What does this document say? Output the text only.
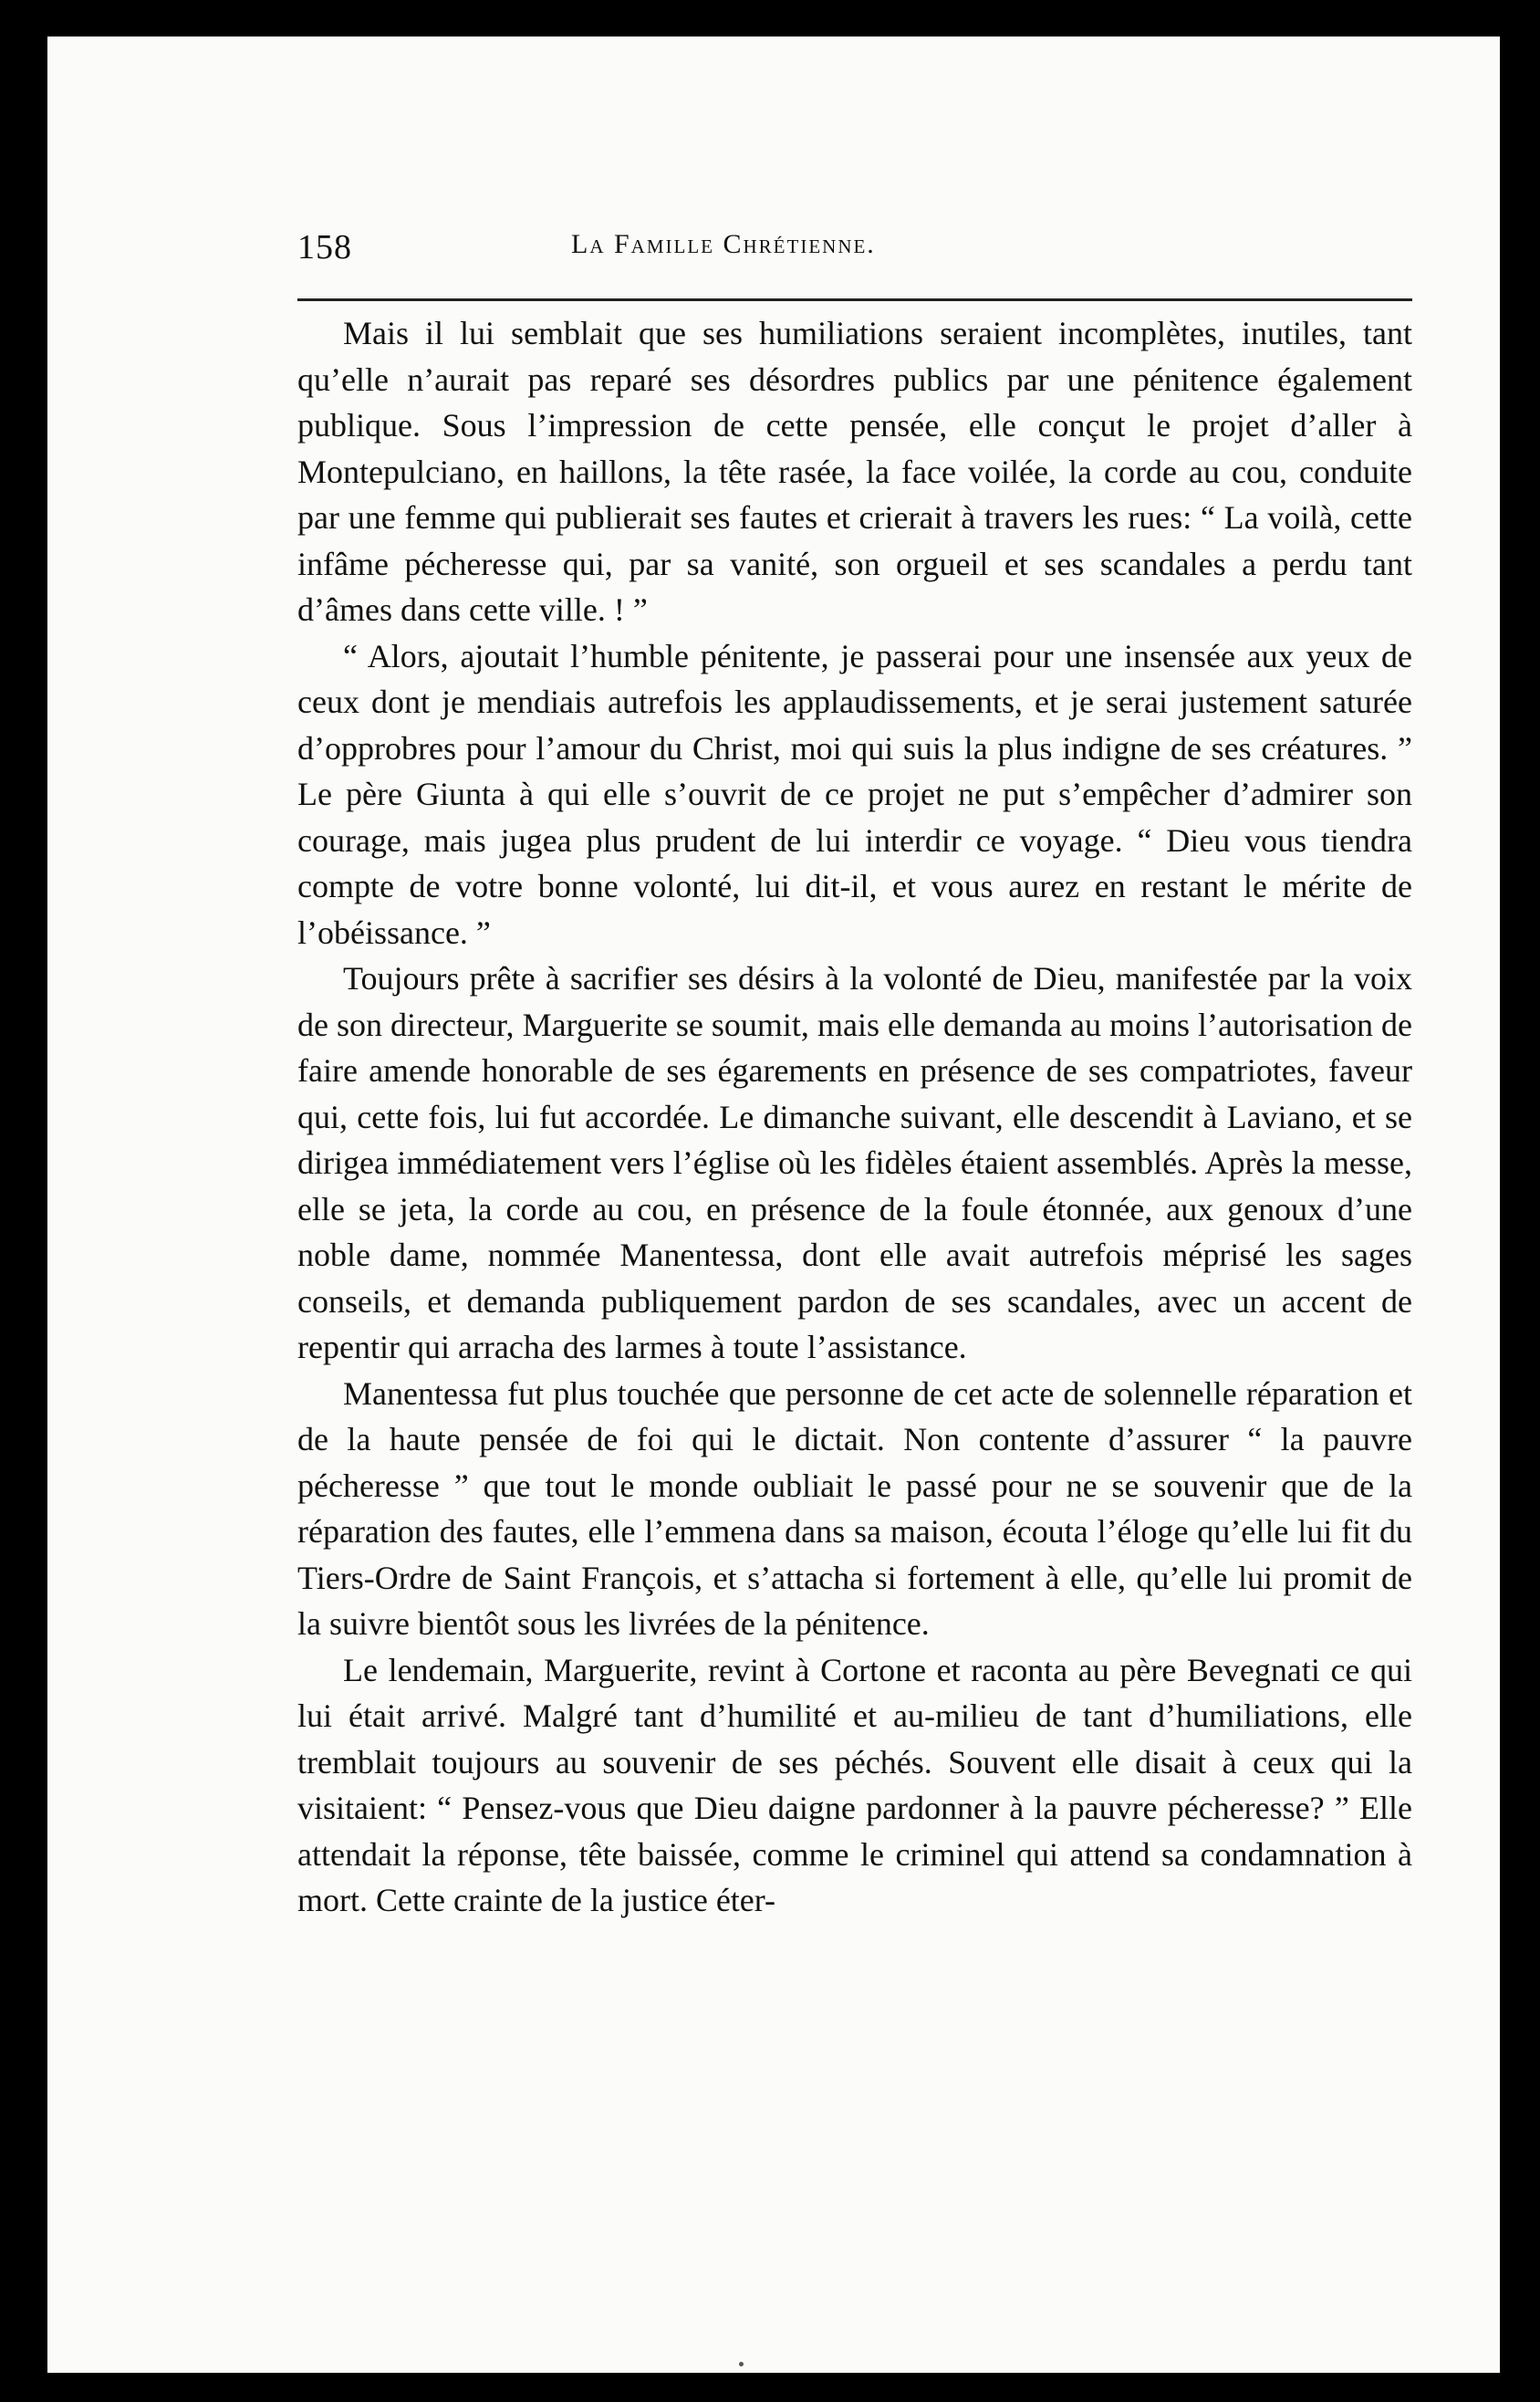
158	La Famille Chrétienne.

Mais il lui semblait que ses humiliations seraient incomplètes, inutiles, tant qu’elle n’aurait pas reparé ses désordres publics par une pénitence également publique. Sous l’impression de cette pensée, elle conçut le projet d’aller à Montepulciano, en haillons, la tête rasée, la face voilée, la corde au cou, conduite par une femme qui publierait ses fautes et crierait à travers les rues: “ La voilà, cette infâme pécheresse qui, par sa vanité, son orgueil et ses scandales a perdu tant d’âmes dans cette ville. ! ”

“ Alors, ajoutait l’humble pénitente, je passerai pour une insensée aux yeux de ceux dont je mendiais autrefois les applaudissements, et je serai justement saturée d’opprobres pour l’amour du Christ, moi qui suis la plus indigne de ses créatures. ” Le père Giunta à qui elle s’ouvrit de ce projet ne put s’empêcher d’admirer son courage, mais jugea plus prudent de lui interdir ce voyage. “ Dieu vous tiendra compte de votre bonne volonté, lui dit-il, et vous aurez en restant le mérite de l’obéissance. ”

Toujours prête à sacrifier ses désirs à la volonté de Dieu, manifestée par la voix de son directeur, Marguerite se soumit, mais elle demanda au moins l’autorisation de faire amende honorable de ses égarements en présence de ses compatriotes, faveur qui, cette fois, lui fut accordée. Le dimanche suivant, elle descendit à Laviano, et se dirigea immédiatement vers l’église où les fidèles étaient assemblés. Après la messe, elle se jeta, la corde au cou, en présence de la foule étonnée, aux genoux d’une noble dame, nommée Manentessa, dont elle avait autrefois méprisé les sages conseils, et demanda publiquement pardon de ses scandales, avec un accent de repentir qui arracha des larmes à toute l’assistance.

Manentessa fut plus touchée que personne de cet acte de solennelle réparation et de la haute pensée de foi qui le dictait. Non contente d’assurer “ la pauvre pécheresse ” que tout le monde oubliait le passé pour ne se souvenir que de la réparation des fautes, elle l’emmena dans sa maison, écouta l’éloge qu’elle lui fit du Tiers-Ordre de Saint François, et s’attacha si fortement à elle, qu’elle lui promit de la suivre bientôt sous les livrées de la pénitence.

Le lendemain, Marguerite, revint à Cortone et raconta au père Bevegnati ce qui lui était arrivé. Malgré tant d’humilité et au-milieu de tant d’humiliations, elle tremblait toujours au souvenir de ses péchés. Souvent elle disait à ceux qui la visitaient: “ Pensez-vous que Dieu daigne pardonner à la pauvre pécheresse? ” Elle attendait la réponse, tête baissée, comme le criminel qui attend sa condamnation à mort. Cette crainte de la justice éter-
